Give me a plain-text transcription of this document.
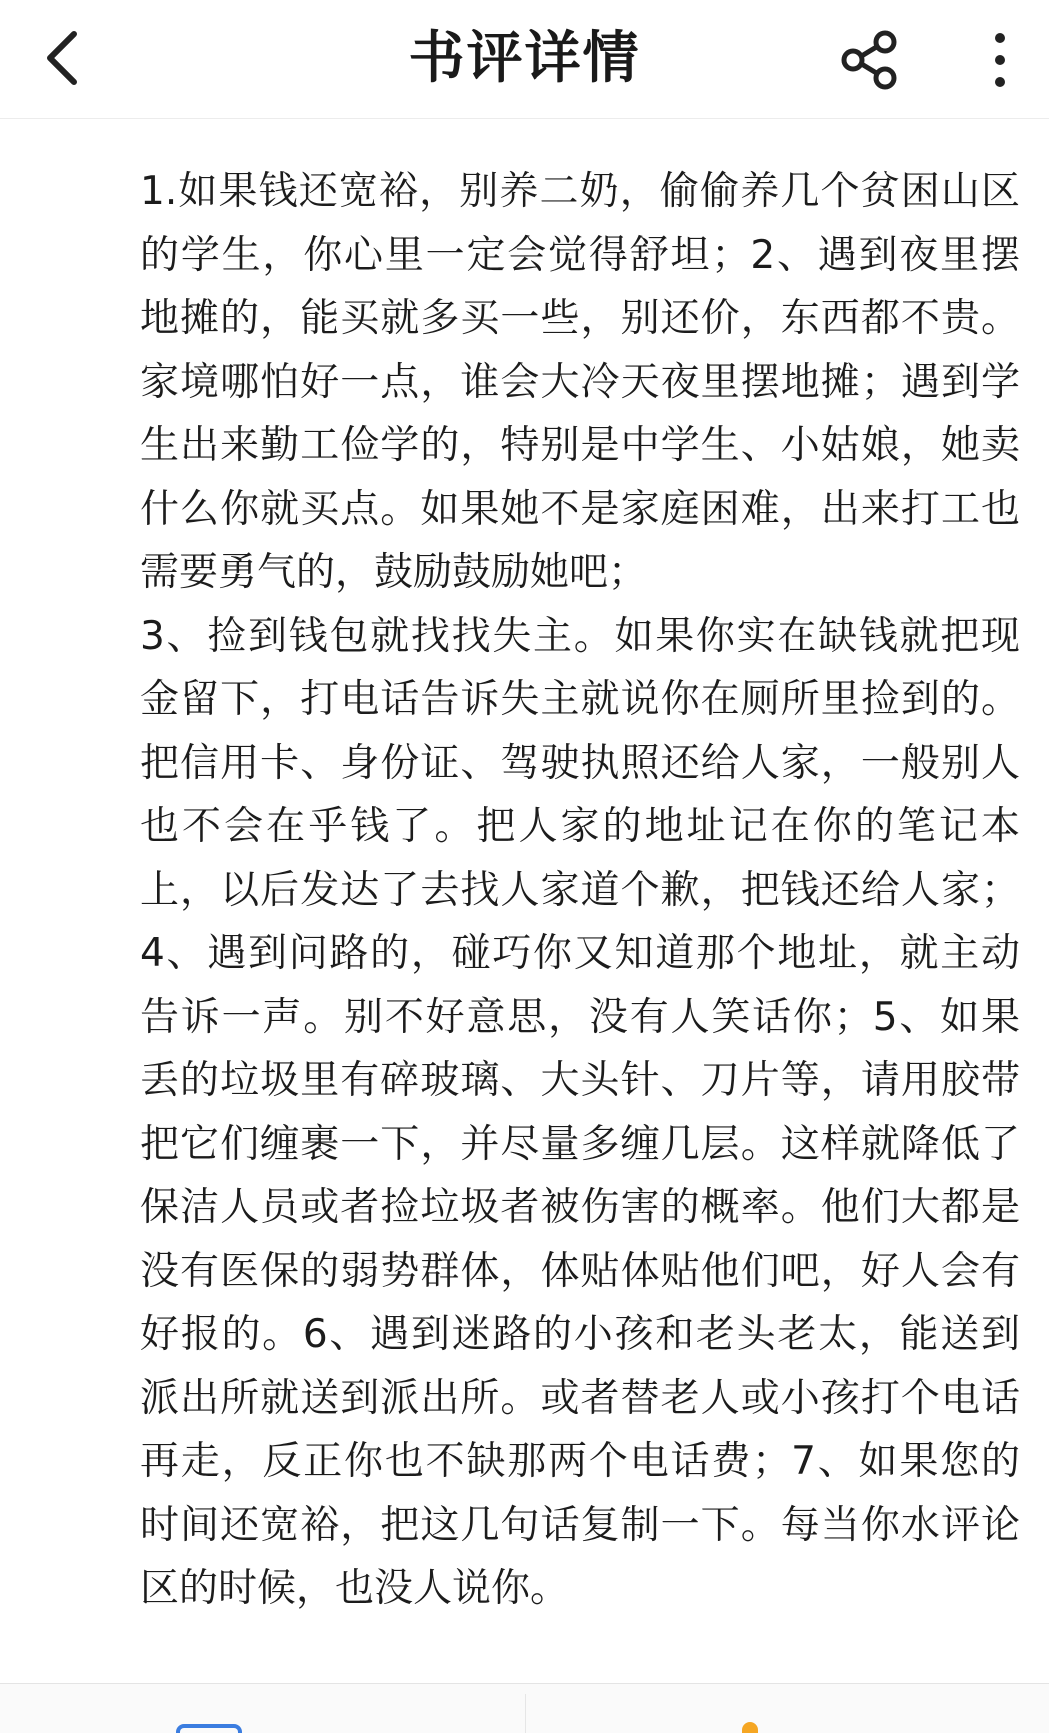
书评详情
1.如果钱还宽裕，别养二奶，偷偷养几个贫困山区的学生，你心里一定会觉得舒坦；2、遇到夜里摆地摊的，能买就多买一些，别还价，东西都不贵。家境哪怕好一点，谁会大冷天夜里摆地摊；遇到学生出来勤工俭学的，特别是中学生、小姑娘，她卖什么你就买点。如果她不是家庭困难，出来打工也需要勇气的，鼓励鼓励她吧；
3、捡到钱包就找找失主。如果你实在缺钱就把现金留下，打电话告诉失主就说你在厕所里捡到的。把信用卡、身份证、驾驶执照还给人家，一般别人也不会在乎钱了。把人家的地址记在你的笔记本上，以后发达了去找人家道个歉，把钱还给人家；4、遇到问路的，碰巧你又知道那个地址，就主动告诉一声。别不好意思，没有人笑话你；5、如果丢的垃圾里有碎玻璃、大头针、刀片等，请用胶带把它们缠裹一下，并尽量多缠几层。这样就降低了保洁人员或者捡垃圾者被伤害的概率。他们大都是没有医保的弱势群体，体贴体贴他们吧，好人会有好报的。6、遇到迷路的小孩和老头老太，能送到派出所就送到派出所。或者替老人或小孩打个电话再走，反正你也不缺那两个电话费；7、如果您的时间还宽裕，把这几句话复制一下。每当你水评论区的时候，也没人说你。
